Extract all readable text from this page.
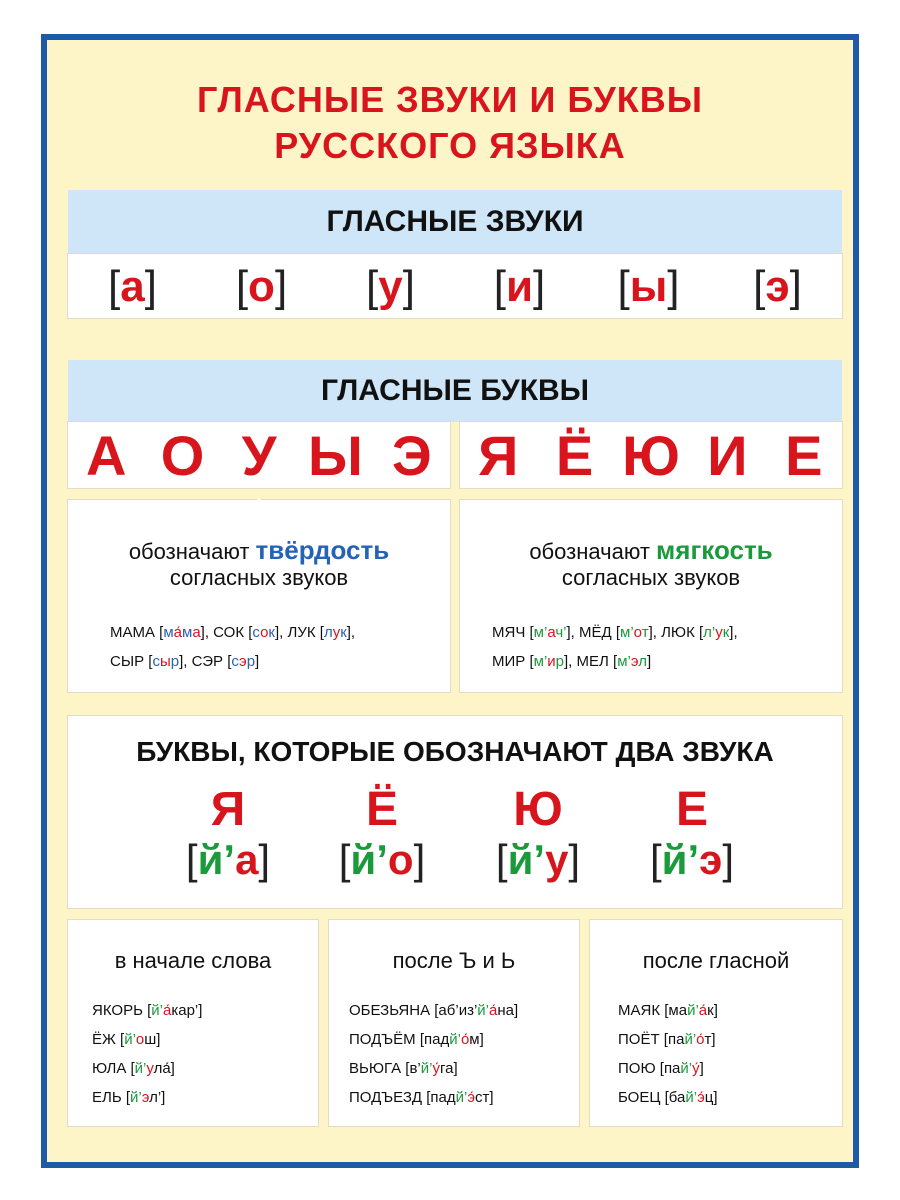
ГЛАСНЫЕ ЗВУКИ И БУКВЫ
РУССКОГО ЯЗЫКА
ГЛАСНЫЕ ЗВУКИ
[а]	[о]	[у]	[и]	[ы]	[э]
ГЛАСНЫЕ БУКВЫ
А О У Ы Э Я Ё Ю И Е
обозначают твёрдость
согласных звуков
МАМА [ма́ма], СОК [сок], ЛУК [лук],
СЫР [сыр], СЭР [сэр]
обозначают мягкость
согласных звуков
МЯЧ [м’ач’], МЁД [м’от], ЛЮК [л’ук],
МИР [м’ир], МЕЛ [м’эл]
БУКВЫ, КОТОРЫЕ ОБОЗНАЧАЮТ ДВА ЗВУКА
Я
[й’а]
Ё
[й’о]
Ю
[й’у]
Е
[й’э]
в начале слова
ЯКОРЬ [й’а́кар’]
ЁЖ [й’ош]
ЮЛА [й’ула́]
ЕЛЬ [й’эл’]
после Ъ и Ь
ОБЕЗЬЯНА [аб’из’й’а́на]
ПОДЪЁМ [падй’о́м]
ВЬЮГА [в’й’у́га]
ПОДЪЕЗД [падй’э́ст]
после гласной
МАЯК [май’а́к]
ПОЁТ [пай’о́т]
ПОЮ [пай’у́]
БОЕЦ [бай’э́ц]
